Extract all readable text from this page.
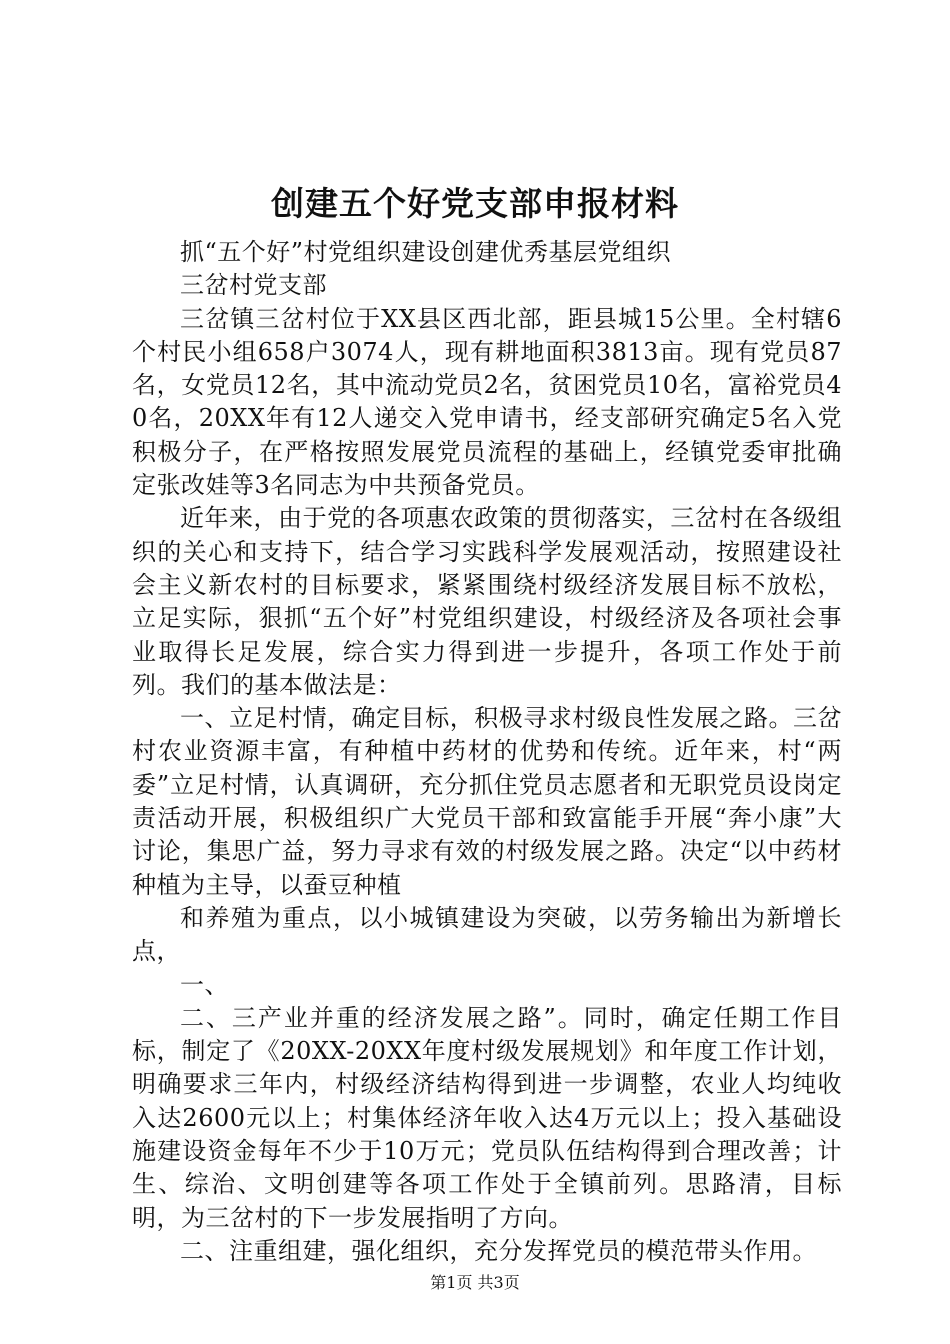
创建五个好党支部申报材料

抓“五个好”村党组织建设创建优秀基层党组织

三岔村党支部

三岔镇三岔村位于XX县区西北部，距县城15公里。全村辖6个村民小组658户3074人，现有耕地面积3813亩。现有党员87名，女党员12名，其中流动党员2名，贫困党员10名，富裕党员40名，20XX年有12人递交入党申请书，经支部研究确定5名入党积极分子，在严格按照发展党员流程的基础上，经镇党委审批确定张改娃等3名同志为中共预备党员。

近年来，由于党的各项惠农政策的贯彻落实，三岔村在各级组织的关心和支持下，结合学习实践科学发展观活动，按照建设社会主义新农村的目标要求，紧紧围绕村级经济发展目标不放松，立足实际，狠抓“五个好”村党组织建设，村级经济及各项社会事业取得长足发展，综合实力得到进一步提升，各项工作处于前列。我们的基本做法是：

一、立足村情，确定目标，积极寻求村级良性发展之路。三岔村农业资源丰富，有种植中药材的优势和传统。近年来，村“两委”立足村情，认真调研，充分抓住党员志愿者和无职党员设岗定责活动开展，积极组织广大党员干部和致富能手开展“奔小康”大讨论，集思广益，努力寻求有效的村级发展之路。决定“以中药材种植为主导，以蚕豆种植

和养殖为重点，以小城镇建设为突破，以劳务输出为新增长点，

一、

二、三产业并重的经济发展之路”。同时，确定任期工作目标，制定了《20XX-20XX年度村级发展规划》和年度工作计划，明确要求三年内，村级经济结构得到进一步调整，农业人均纯收入达2600元以上；村集体经济年收入达4万元以上；投入基础设施建设资金每年不少于10万元；党员队伍结构得到合理改善；计生、综治、文明创建等各项工作处于全镇前列。思路清，目标明，为三岔村的下一步发展指明了方向。

二、注重组建，强化组织，充分发挥党员的模范带头作用。

第1页 共3页
